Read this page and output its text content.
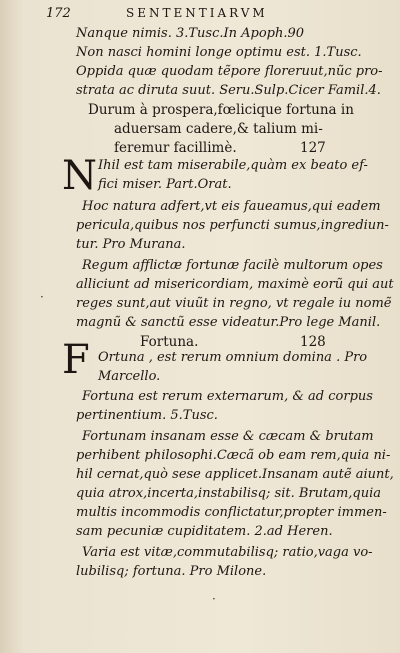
172	SENTENTIARVM
Nanque nimis. 3.Tusc.In Apoph.90
Non nasci homini longe optimu est. 1.Tusc.
Oppida quæ quodam tẽpore floreruut,nũc pro-
strata ac diruta suut. Seru.Sulp.Cicer Famil.4.
Durum à prospera,fœlicique fortuna in
aduersam cadere,& talium mi-
feremur facillimè.	127
N Ihil est tam miserabile,quàm ex beato ef-
fici miser. Part.Orat.
Hoc natura adfert,vt eis faueamus,qui eadem
pericula,quibus nos perfuncti sumus,ingrediun-
tur. Pro Murana.
Regum afflictæ fortunæ facilè multorum opes
alliciunt ad misericordiam, maximè eorũ qui aut
reges sunt,aut viuũt in regno, vt regale iu nomẽ
magnũ & sanctũ esse videatur.Pro lege Manil.
Fortuna.	128
F Ortuna , est rerum omnium domina . Pro
Marcello.
Fortuna est rerum externarum, & ad corpus
pertinentium. 5.Tusc.
Fortunam insanam esse & cæcam & brutam
perhibent philosophi.Cæcã ob eam rem,quia ni-
hil cernat,quò sese applicet.Insanam autẽ aiunt,
quia atrox,incerta,instabilisq; sit. Brutam,quia
multis incommodis conflictatur,propter immen-
sam pecuniæ cupiditatem. 2.ad Heren.
Varia est vitæ,commutabilisq; ratio,vaga vo-
lubilisq; fortuna. Pro Milone.
·
·
